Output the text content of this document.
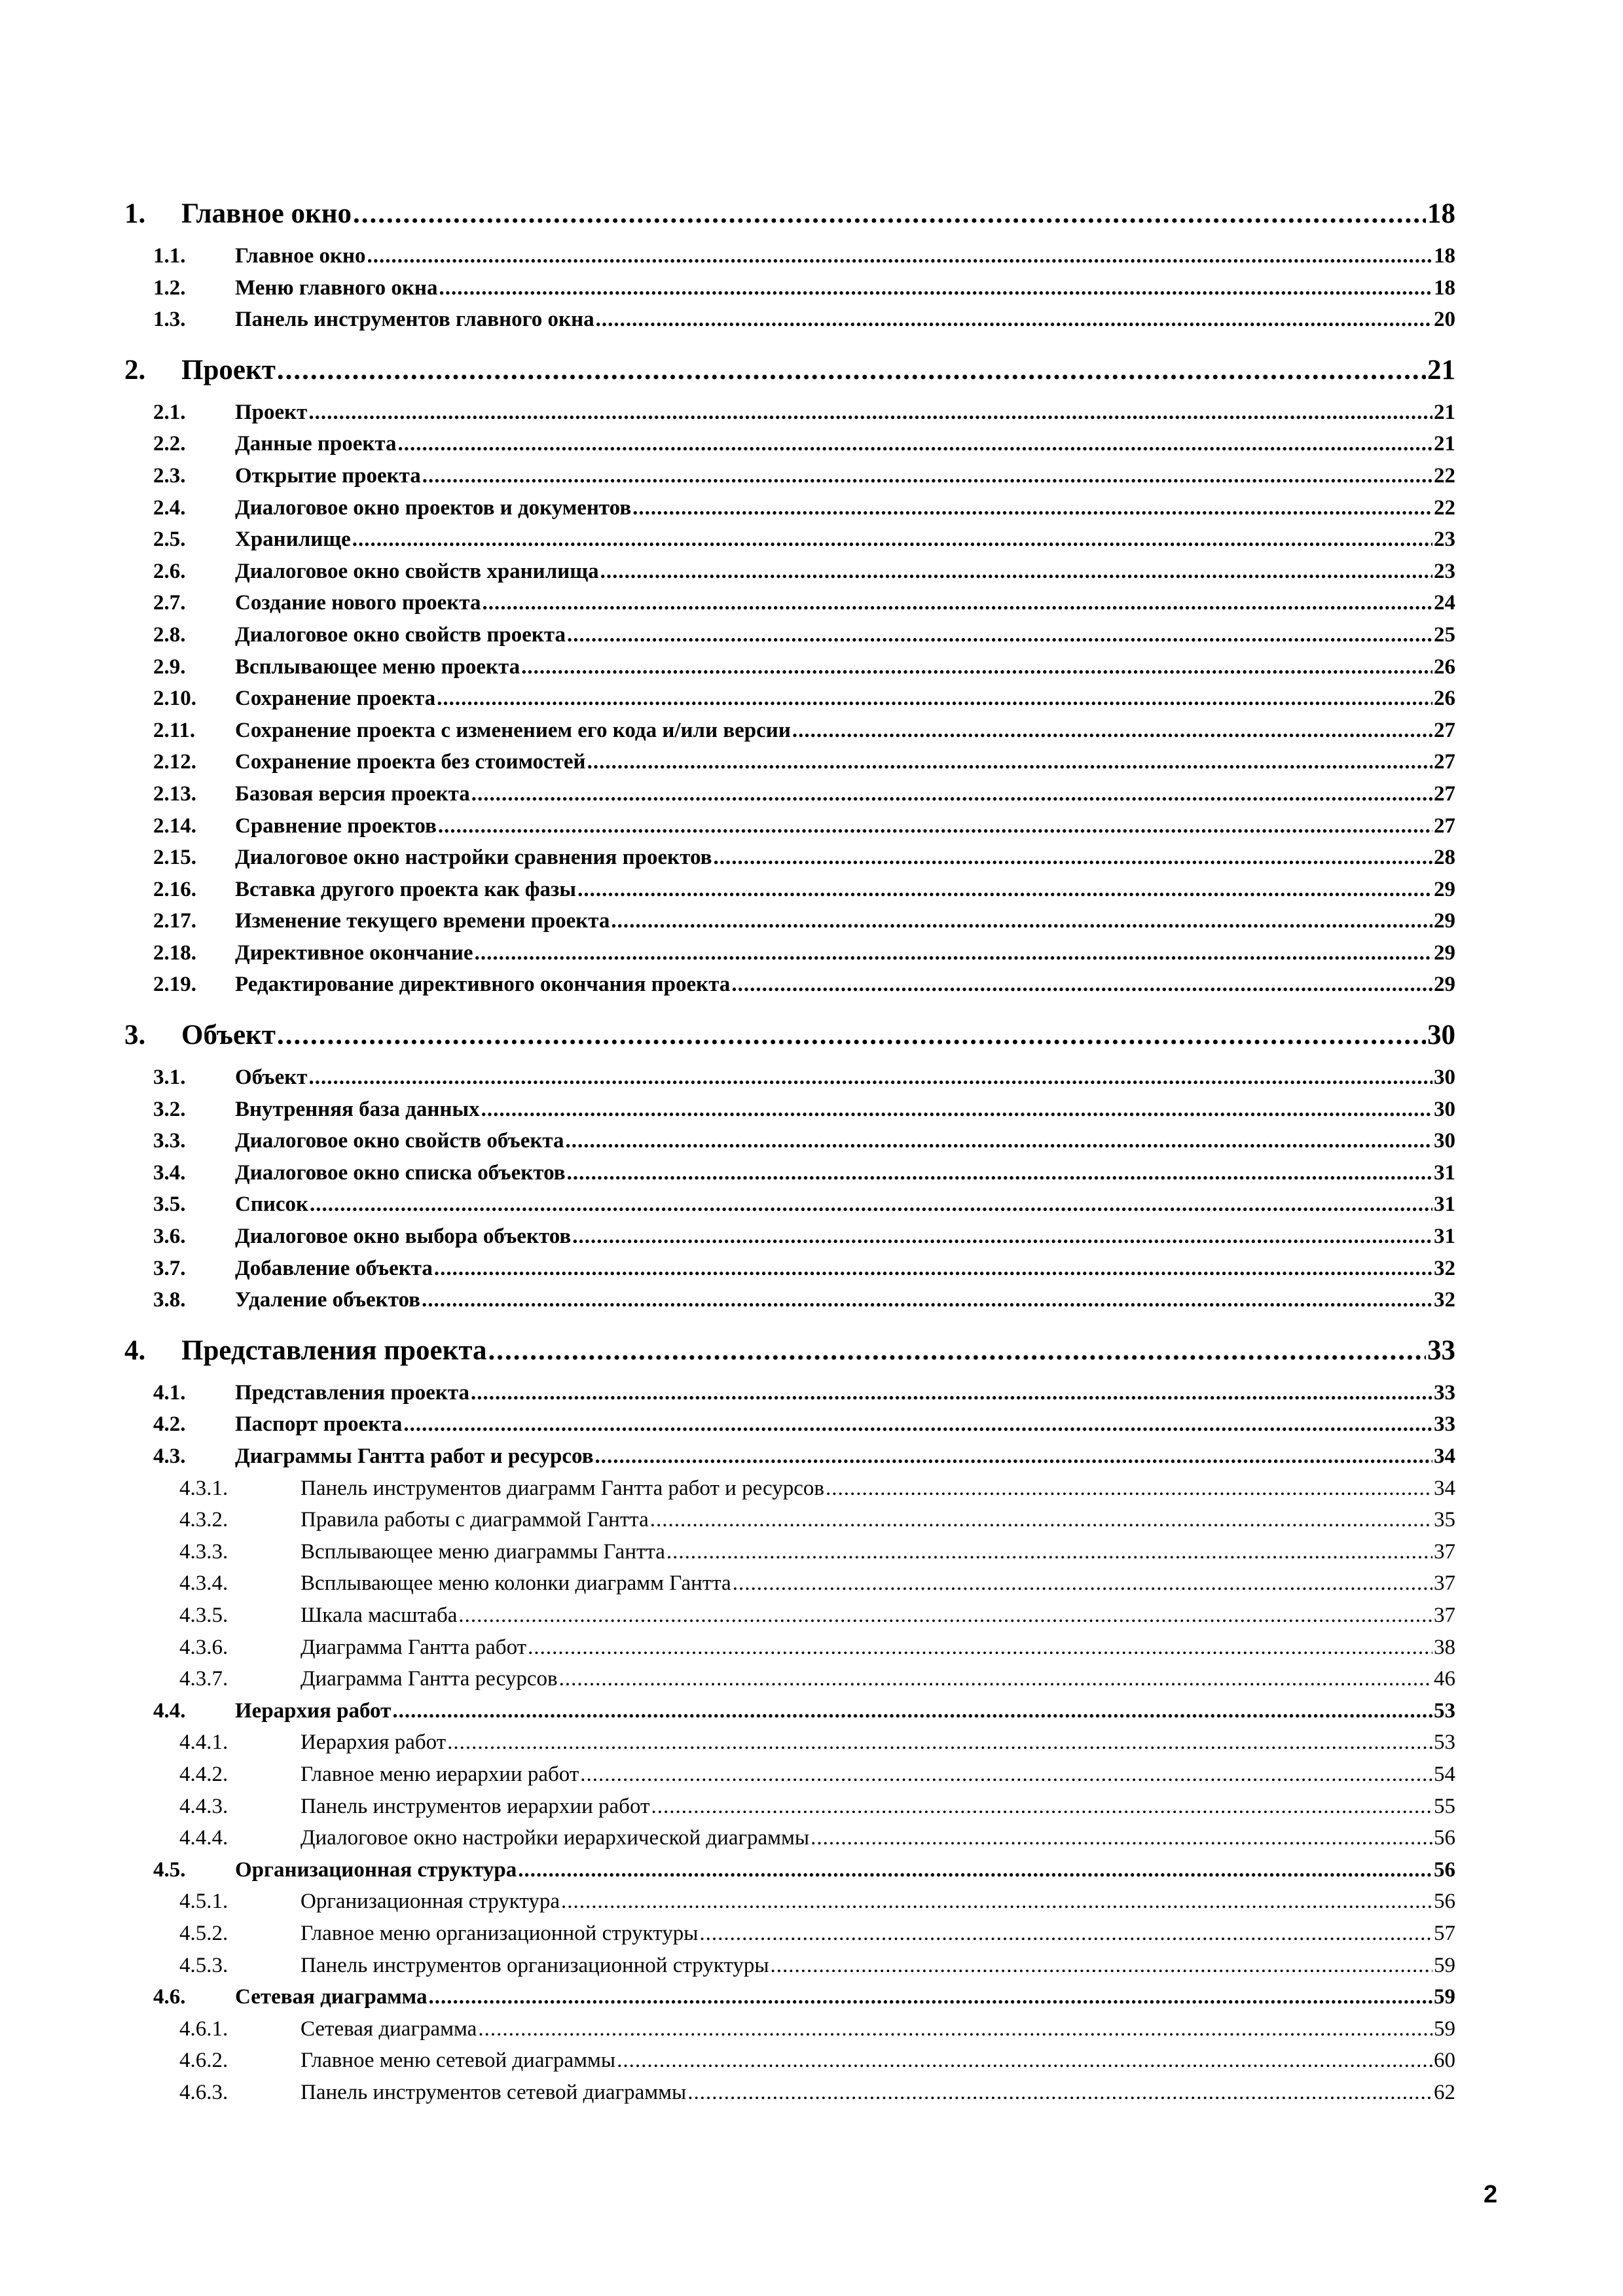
1.	Главное окно .....	18
1.1.	Главное окно .....	18
1.2.	Меню главного окна .....	18
1.3.	Панель инструментов главного окна .....	20
2.	Проект .....	21
2.1.	Проект .....	21
2.2.	Данные проекта .....	21
2.3.	Открытие проекта .....	22
2.4.	Диалоговое окно проектов и документов .....	22
2.5.	Хранилище .....	23
2.6.	Диалоговое окно свойств хранилища .....	23
2.7.	Создание нового проекта .....	24
2.8.	Диалоговое окно свойств проекта .....	25
2.9.	Всплывающее меню проекта .....	26
2.10.	Сохранение проекта .....	26
2.11.	Сохранение проекта с изменением его кода и/или версии .....	27
2.12.	Сохранение проекта без стоимостей .....	27
2.13.	Базовая версия проекта .....	27
2.14.	Сравнение проектов .....	27
2.15.	Диалоговое окно настройки сравнения проектов .....	28
2.16.	Вставка другого проекта как фазы .....	29
2.17.	Изменение текущего времени проекта .....	29
2.18.	Директивное окончание .....	29
2.19.	Редактирование директивного окончания проекта .....	29
3.	Объект .....	30
3.1.	Объект .....	30
3.2.	Внутренняя база данных .....	30
3.3.	Диалоговое окно свойств объекта .....	30
3.4.	Диалоговое окно списка объектов .....	31
3.5.	Список .....	31
3.6.	Диалоговое окно выбора объектов .....	31
3.7.	Добавление объекта .....	32
3.8.	Удаление объектов .....	32
4.	Представления проекта .....	33
4.1.	Представления проекта .....	33
4.2.	Паспорт проекта .....	33
4.3.	Диаграммы Гантта работ и ресурсов .....	34
4.3.1.	Панель инструментов диаграмм Гантта работ и ресурсов .....	34
4.3.2.	Правила работы с диаграммой Гантта .....	35
4.3.3.	Всплывающее меню диаграммы Гантта .....	37
4.3.4.	Всплывающее меню колонки диаграмм Гантта .....	37
4.3.5.	Шкала масштаба .....	37
4.3.6.	Диаграмма Гантта работ .....	38
4.3.7.	Диаграмма Гантта ресурсов .....	46
4.4.	Иерархия работ .....	53
4.4.1.	Иерархия работ .....	53
4.4.2.	Главное меню иерархии работ .....	54
4.4.3.	Панель инструментов иерархии работ .....	55
4.4.4.	Диалоговое окно настройки иерархической диаграммы .....	56
4.5.	Организационная структура .....	56
4.5.1.	Организационная структура .....	56
4.5.2.	Главное меню организационной структуры .....	57
4.5.3.	Панель инструментов организационной структуры .....	59
4.6.	Сетевая диаграмма .....	59
4.6.1.	Сетевая диаграмма .....	59
4.6.2.	Главное меню сетевой диаграммы .....	60
4.6.3.	Панель инструментов сетевой диаграммы .....	62
2
